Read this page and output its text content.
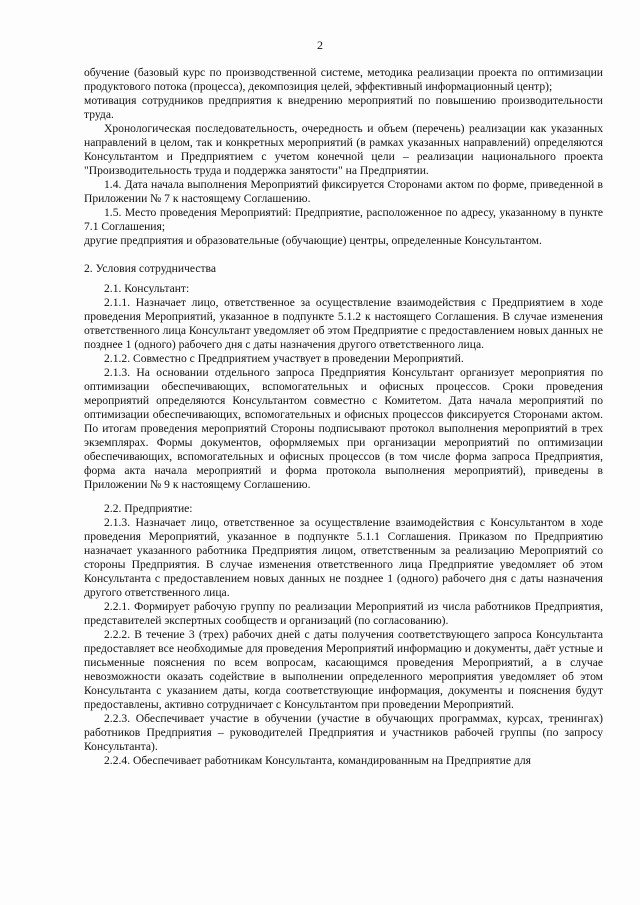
2

обучение (базовый курс по производственной системе, методика реализации проекта по оптимизации продуктового потока (процесса), декомпозиция целей, эффективный информационный центр);

мотивация сотрудников предприятия к внедрению мероприятий по повышению производительности труда.

Хронологическая последовательность, очередность и объем (перечень) реализации как указанных направлений в целом, так и конкретных мероприятий (в рамках указанных направлений) определяются Консультантом и Предприятием с учетом конечной цели – реализации национального проекта "Производительность труда и поддержка занятости" на Предприятии.

1.4. Дата начала выполнения Мероприятий фиксируется Сторонами актом по форме, приведенной в Приложении № 7 к настоящему Соглашению.

1.5. Место проведения Мероприятий: Предприятие, расположенное по адресу, указанному в пункте 7.1 Соглашения;

другие предприятия и образовательные (обучающие) центры, определенные Консультантом.

2. Условия сотрудничества

2.1. Консультант:

2.1.1. Назначает лицо, ответственное за осуществление взаимодействия с Предприятием в ходе проведения Мероприятий, указанное в подпункте 5.1.2 к настоящего Соглашения. В случае изменения ответственного лица Консультант уведомляет об этом Предприятие с предоставлением новых данных не позднее 1 (одного) рабочего дня с даты назначения другого ответственного лица.

2.1.2. Совместно с Предприятием участвует в проведении Мероприятий.

2.1.3. На основании отдельного запроса Предприятия Консультант организует мероприятия по оптимизации обеспечивающих, вспомогательных и офисных процессов. Сроки проведения мероприятий определяются Консультантом совместно с Комитетом. Дата начала мероприятий по оптимизации обеспечивающих, вспомогательных и офисных процессов фиксируется Сторонами актом. По итогам проведения мероприятий Стороны подписывают протокол выполнения мероприятий в трех экземплярах. Формы документов, оформляемых при организации мероприятий по оптимизации обеспечивающих, вспомогательных и офисных процессов (в том числе форма запроса Предприятия, форма акта начала мероприятий и форма протокола выполнения мероприятий), приведены в Приложении № 9 к настоящему Соглашению.

2.2. Предприятие:

2.1.3. Назначает лицо, ответственное за осуществление взаимодействия с Консультантом в ходе проведения Мероприятий, указанное в подпункте 5.1.1 Соглашения. Приказом по Предприятию назначает указанного работника Предприятия лицом, ответственным за реализацию Мероприятий со стороны Предприятия. В случае изменения ответственного лица Предприятие уведомляет об этом Консультанта с предоставлением новых данных не позднее 1 (одного) рабочего дня с даты назначения другого ответственного лица.

2.2.1. Формирует рабочую группу по реализации Мероприятий из числа работников Предприятия, представителей экспертных сообществ и организаций (по согласованию).

2.2.2. В течение 3 (трех) рабочих дней с даты получения соответствующего запроса Консультанта предоставляет все необходимые для проведения Мероприятий информацию и документы, даёт устные и письменные пояснения по всем вопросам, касающимся проведения Мероприятий, а в случае невозможности оказать содействие в выполнении определенного мероприятия уведомляет об этом Консультанта с указанием даты, когда соответствующие информация, документы и пояснения будут предоставлены, активно сотрудничает с Консультантом при проведении Мероприятий.

2.2.3. Обеспечивает участие в обучении (участие в обучающих программах, курсах, тренингах) работников Предприятия – руководителей Предприятия и участников рабочей группы (по запросу Консультанта).

2.2.4. Обеспечивает работникам Консультанта, командированным на Предприятие для
